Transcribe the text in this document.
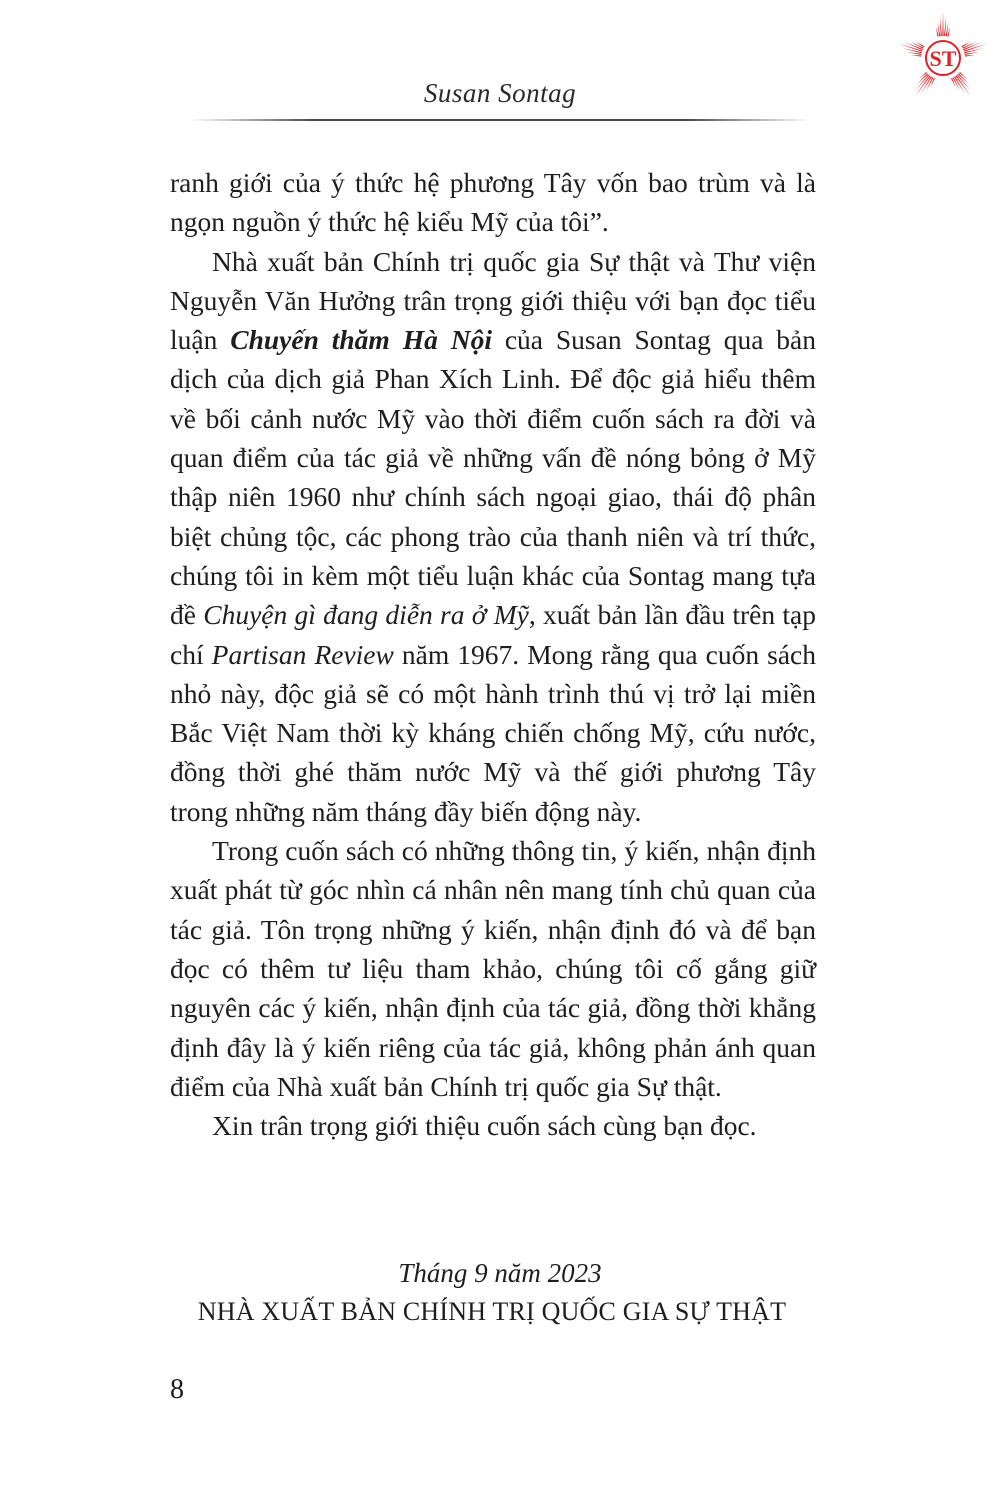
ST
Susan Sontag

ranh giới của ý thức hệ phương Tây vốn bao trùm và là ngọn nguồn ý thức hệ kiểu Mỹ của tôi”.

Nhà xuất bản Chính trị quốc gia Sự thật và Thư viện Nguyễn Văn Hưởng trân trọng giới thiệu với bạn đọc tiểu luận Chuyến thăm Hà Nội của Susan Sontag qua bản dịch của dịch giả Phan Xích Linh. Để độc giả hiểu thêm về bối cảnh nước Mỹ vào thời điểm cuốn sách ra đời và quan điểm của tác giả về những vấn đề nóng bỏng ở Mỹ thập niên 1960 như chính sách ngoại giao, thái độ phân biệt chủng tộc, các phong trào của thanh niên và trí thức, chúng tôi in kèm một tiểu luận khác của Sontag mang tựa đề Chuyện gì đang diễn ra ở Mỹ, xuất bản lần đầu trên tạp chí Partisan Review năm 1967. Mong rằng qua cuốn sách nhỏ này, độc giả sẽ có một hành trình thú vị trở lại miền Bắc Việt Nam thời kỳ kháng chiến chống Mỹ, cứu nước, đồng thời ghé thăm nước Mỹ và thế giới phương Tây trong những năm tháng đầy biến động này.

Trong cuốn sách có những thông tin, ý kiến, nhận định xuất phát từ góc nhìn cá nhân nên mang tính chủ quan của tác giả. Tôn trọng những ý kiến, nhận định đó và để bạn đọc có thêm tư liệu tham khảo, chúng tôi cố gắng giữ nguyên các ý kiến, nhận định của tác giả, đồng thời khẳng định đây là ý kiến riêng của tác giả, không phản ánh quan điểm của Nhà xuất bản Chính trị quốc gia Sự thật.

Xin trân trọng giới thiệu cuốn sách cùng bạn đọc.

Tháng 9 năm 2023
NHÀ XUẤT BẢN CHÍNH TRỊ QUỐC GIA SỰ THẬT
8
